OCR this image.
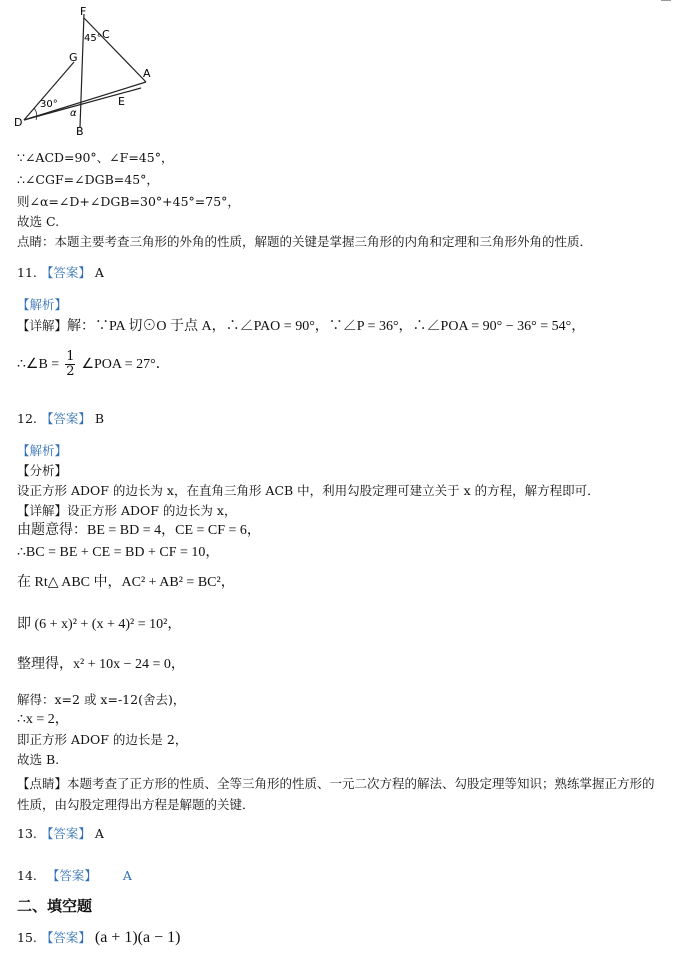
F
C
G
A
E
D
B
45°
30°
α
∵∠ACD=90°、∠F=45°，
∴∠CGF=∠DGB=45°，
则∠α=∠D+∠DGB=30°+45°=75°，
故选 C.
点睛：本题主要考查三角形的外角的性质，解题的关键是掌握三角形的内角和定理和三角形外角的性质．
11. 【答案】 A
【解析】
【详解】解：∵PA 切⊙O 于点 A，∴∠PAO = 90°，∵∠P = 36°，∴∠POA = 90° − 36° = 54°，
∴∠B = $\frac{1}{2}$ ∠POA = 27°．
12. 【答案】 B
【解析】
【分析】
设正方形 ADOF 的边长为 x，在直角三角形 ACB 中，利用勾股定理可建立关于 x 的方程，解方程即可．
【详解】设正方形 ADOF 的边长为 x，
由题意得：BE = BD = 4，CE = CF = 6，
∴BC = BE + CE = BD + CF = 10，
在 Rt△ ABC 中，AC² + AB² = BC²，
即 (6 + x)² + (x + 4)² = 10²，
整理得，x² + 10x − 24 = 0，
解得：x=2 或 x=-12(舍去)，
∴x = 2，
即正方形 ADOF 的边长是 2，
故选 B.
【点睛】本题考查了正方形的性质、全等三角形的性质、一元二次方程的解法、勾股定理等知识；熟练掌握正方形的性质，由勾股定理得出方程是解题的关键．
13. 【答案】 A
14. 【答案】 A
二、填空题
15. 【答案】 (a + 1)(a − 1)
